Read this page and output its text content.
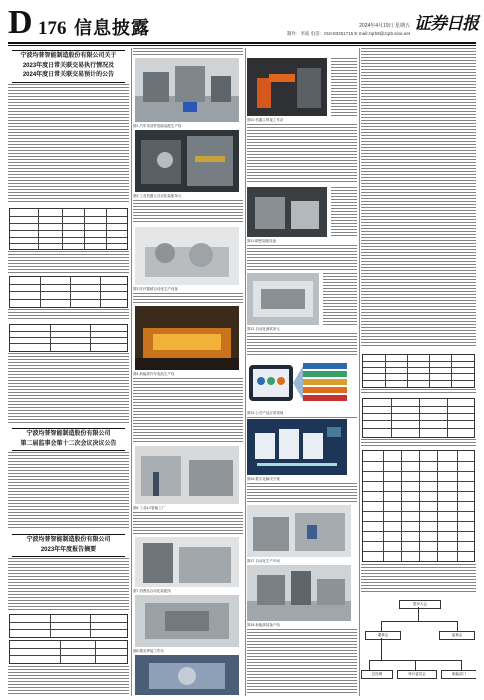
D 176 信息披露	2024年4月19日 星期五
制作：李波 电话：010-83251716 E-mail:zqrb9@zqrb.sina.net
证券日报
宁波均普智能制造股份有限公司关于
2023年度日常关联交易执行情况及
2024年度日常关联交易预计的公告
宁波均普智能制造股份有限公司
第二届监事会第十二次会议决议公告
宁波均普智能制造股份有限公司
2023年年度报告摘要
图1 汽车零部件智能装配生产线
图2 工业机器人自动化装配单元
图3 医疗器械自动化生产设备
图4 新能源汽车电池生产线
图6 工业4.0智能工厂
图7 消费品自动化装配线
图8 激光焊接工作站
图10 机器人焊接工作站
图11 精密装配设备
图12 自动化测试单元
图15 公司产品应用领域
图16 数字化解决方案
图17 自动化生产车间
图18 新能源装备产线
股东大会
董事会	监事会
总经理	审计委员会	职能部门
